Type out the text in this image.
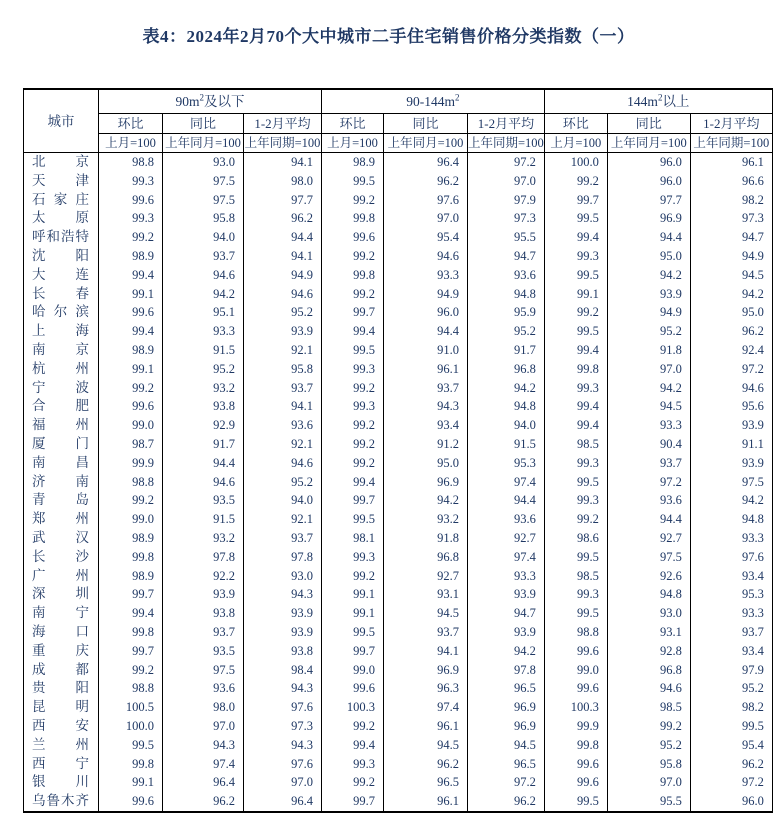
表4：2024年2月70个大中城市二手住宅销售价格分类指数（一）
城市	$90m^2$及以下			$90-144m^2$			$144m^2$以上		
	环比	同比	1-2月平均	环比	同比	1-2月平均	环比	同比	1-2月平均
	上月=100	上年同月=100	上年同期=100	上月=100	上年同月=100	上年同期=100	上月=100	上年同月=100	上年同期=100
北京	98.8	93.0	94.1	98.9	96.4	97.2	100.0	96.0	96.1
天津	99.3	97.5	98.0	99.5	96.2	97.0	99.2	96.0	96.6
石家庄	99.6	97.5	97.7	99.2	97.6	97.9	99.7	97.7	98.2
太原	99.3	95.8	96.2	99.8	97.0	97.3	99.5	96.9	97.3
呼和浩特	99.2	94.0	94.4	99.6	95.4	95.5	99.4	94.4	94.7
沈阳	98.9	93.7	94.1	99.2	94.6	94.7	99.3	95.0	94.9
大连	99.4	94.6	94.9	99.8	93.3	93.6	99.5	94.2	94.5
长春	99.1	94.2	94.6	99.2	94.9	94.8	99.1	93.9	94.2
哈尔滨	99.6	95.1	95.2	99.7	96.0	95.9	99.2	94.9	95.0
上海	99.4	93.3	93.9	99.4	94.4	95.2	99.5	95.2	96.2
南京	98.9	91.5	92.1	99.5	91.0	91.7	99.4	91.8	92.4
杭州	99.1	95.2	95.8	99.3	96.1	96.8	99.8	97.0	97.2
宁波	99.2	93.2	93.7	99.2	93.7	94.2	99.3	94.2	94.6
合肥	99.6	93.8	94.1	99.3	94.3	94.8	99.4	94.5	95.6
福州	99.0	92.9	93.6	99.2	93.4	94.0	99.4	93.3	93.9
厦门	98.7	91.7	92.1	99.2	91.2	91.5	98.5	90.4	91.1
南昌	99.9	94.4	94.6	99.2	95.0	95.3	99.3	93.7	93.9
济南	98.8	94.6	95.2	99.4	96.9	97.4	99.5	97.2	97.5
青岛	99.2	93.5	94.0	99.7	94.2	94.4	99.3	93.6	94.2
郑州	99.0	91.5	92.1	99.5	93.2	93.6	99.2	94.4	94.8
武汉	98.9	93.2	93.7	98.1	91.8	92.7	98.6	92.7	93.3
长沙	99.8	97.8	97.8	99.3	96.8	97.4	99.5	97.5	97.6
广州	98.9	92.2	93.0	99.2	92.7	93.3	98.5	92.6	93.4
深圳	99.7	93.9	94.3	99.1	93.1	93.9	99.3	94.8	95.3
南宁	99.4	93.8	93.9	99.1	94.5	94.7	99.5	93.0	93.3
海口	99.8	93.7	93.9	99.5	93.7	93.9	98.8	93.1	93.7
重庆	99.7	93.5	93.8	99.7	94.1	94.2	99.6	92.8	93.4
成都	99.2	97.5	98.4	99.0	96.9	97.8	99.0	96.8	97.9
贵阳	98.8	93.6	94.3	99.6	96.3	96.5	99.6	94.6	95.2
昆明	100.5	98.0	97.6	100.3	97.4	96.9	100.3	98.5	98.2
西安	100.0	97.0	97.3	99.2	96.1	96.9	99.9	99.2	99.5
兰州	99.5	94.3	94.3	99.4	94.5	94.5	99.8	95.2	95.4
西宁	99.8	97.4	97.6	99.3	96.2	96.5	99.6	95.8	96.2
银川	99.1	96.4	97.0	99.2	96.5	97.2	99.6	97.0	97.2
乌鲁木齐	99.6	96.2	96.4	99.7	96.1	96.2	99.5	95.5	96.0
